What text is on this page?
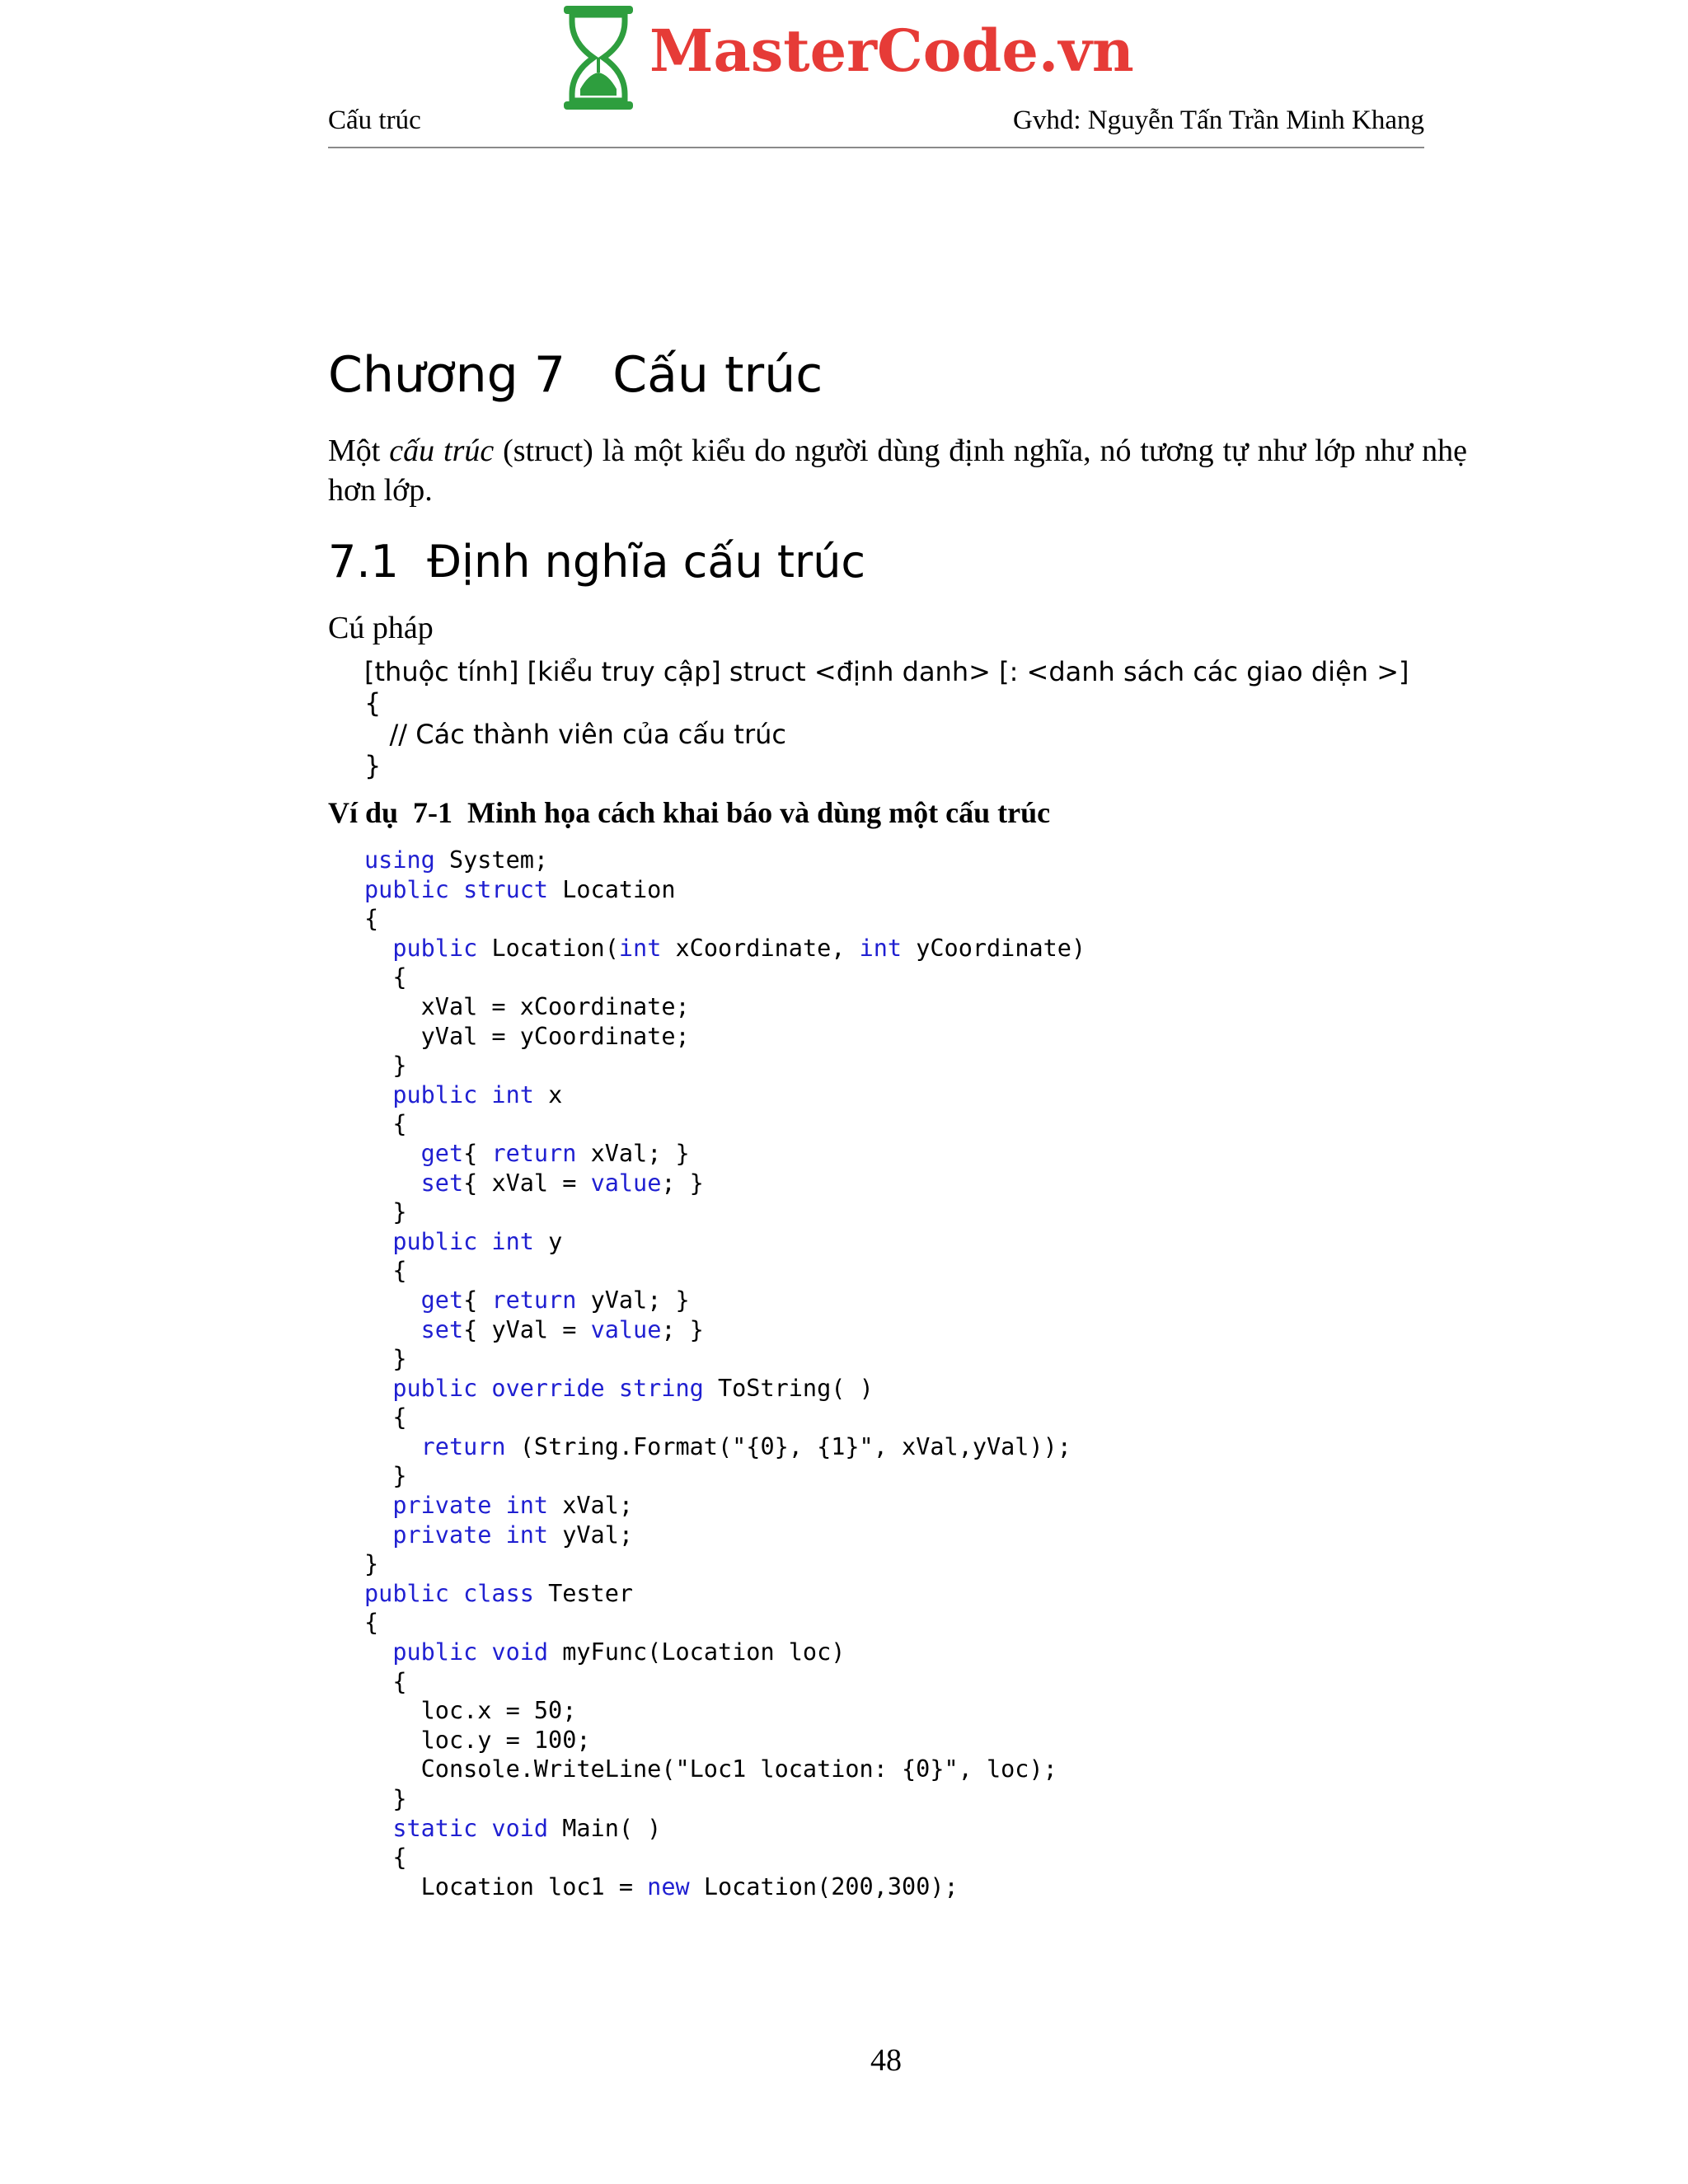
MasterCode.vn
Cấu trúc	Gvhd: Nguyễn Tấn Trần Minh Khang
Chương 7   Cấu trúc
Một cấu trúc (struct) là một kiểu do người dùng định nghĩa, nó tương tự như lớp như nhẹ hơn lớp.
7.1  Định nghĩa cấu trúc
Cú pháp
[thuộc tính] [kiểu truy cập] struct <định danh> [: <danh sách các giao diện >]
{
// Các thành viên của cấu trúc
}
Ví dụ  7-1  Minh họa cách khai báo và dùng một cấu trúc
using System;
public struct Location
{
public Location(int xCoordinate, int yCoordinate)
{
xVal = xCoordinate;
yVal = yCoordinate;
}
public int x
{
get{ return xVal; }
set{ xVal = value; }
}
public int y
{
get{ return yVal; }
set{ yVal = value; }
}
public override string ToString( )
{
return (String.Format("{0}, {1}", xVal,yVal));
}
private int xVal;
private int yVal;
}
public class Tester
{
public void myFunc(Location loc)
{
loc.x = 50;
loc.y = 100;
Console.WriteLine("Loc1 location: {0}", loc);
}
static void Main( )
{
Location loc1 = new Location(200,300);
48
